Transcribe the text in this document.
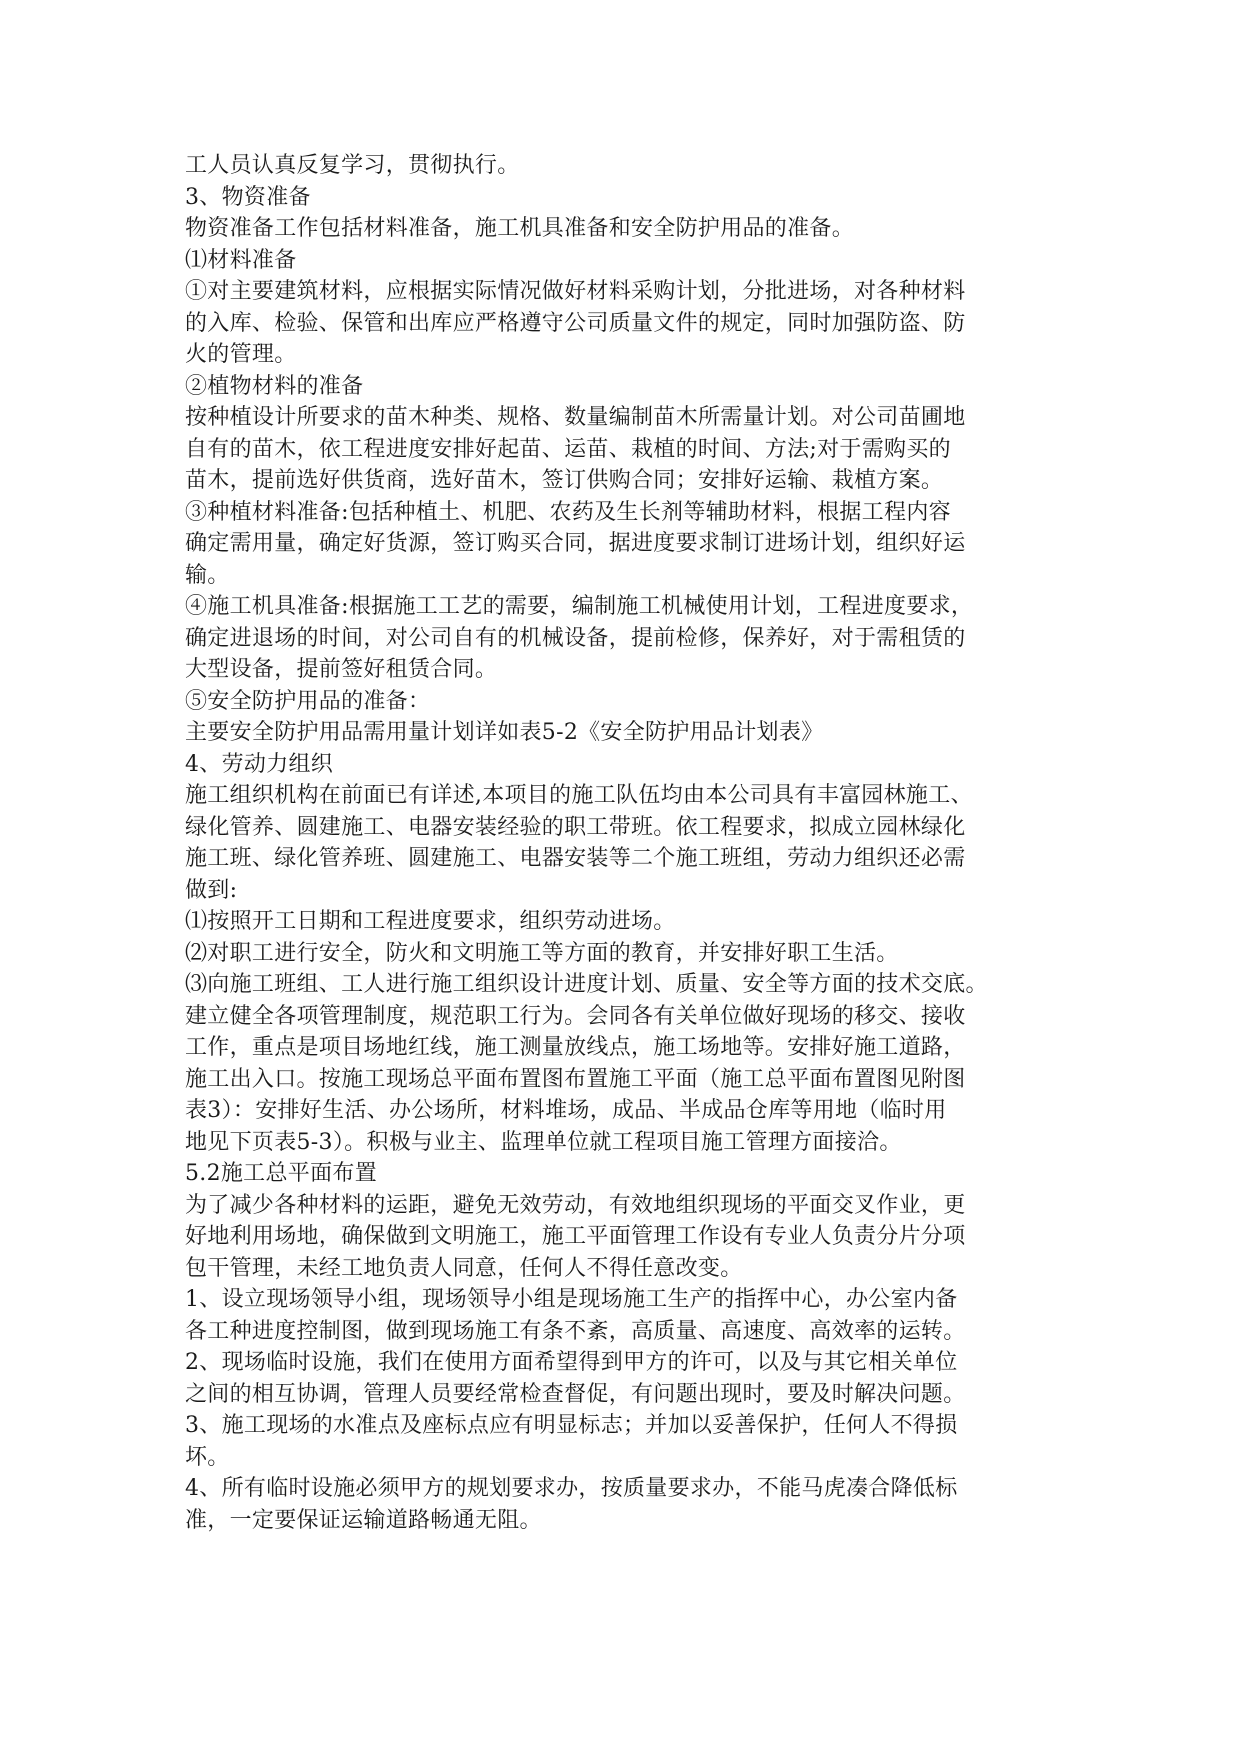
工人员认真反复学习，贯彻执行。
3、物资准备
物资准备工作包括材料准备，施工机具准备和安全防护用品的准备。
⑴材料准备
①对主要建筑材料，应根据实际情况做好材料采购计划，分批进场，对各种材料
的入库、检验、保管和出库应严格遵守公司质量文件的规定，同时加强防盗、防
火的管理。
②植物材料的准备
按种植设计所要求的苗木种类、规格、数量编制苗木所需量计划。对公司苗圃地
自有的苗木，依工程进度安排好起苗、运苗、栽植的时间、方法;对于需购买的
苗木，提前选好供货商，选好苗木，签订供购合同；安排好运输、栽植方案。
③种植材料准备:包括种植土、机肥、农药及生长剂等辅助材料，根据工程内容
确定需用量，确定好货源，签订购买合同，据进度要求制订进场计划，组织好运
输。
④施工机具准备:根据施工工艺的需要，编制施工机械使用计划，工程进度要求，
确定进退场的时间，对公司自有的机械设备，提前检修，保养好，对于需租赁的
大型设备，提前签好租赁合同。
⑤安全防护用品的准备：
主要安全防护用品需用量计划详如表5-2《安全防护用品计划表》
4、劳动力组织
施工组织机构在前面已有详述,本项目的施工队伍均由本公司具有丰富园林施工、
绿化管养、圆建施工、电器安装经验的职工带班。依工程要求，拟成立园林绿化
施工班、绿化管养班、圆建施工、电器安装等二个施工班组，劳动力组织还必需
做到:
⑴按照开工日期和工程进度要求，组织劳动进场。
⑵对职工进行安全，防火和文明施工等方面的教育，并安排好职工生活。
⑶向施工班组、工人进行施工组织设计进度计划、质量、安全等方面的技术交底。
建立健全各项管理制度，规范职工行为。会同各有关单位做好现场的移交、接收
工作，重点是项目场地红线，施工测量放线点，施工场地等。安排好施工道路，
施工出入口。按施工现场总平面布置图布置施工平面（施工总平面布置图见附图
表3）：安排好生活、办公场所，材料堆场，成品、半成品仓库等用地（临时用
地见下页表5-3）。积极与业主、监理单位就工程项目施工管理方面接洽。
5.2施工总平面布置
为了减少各种材料的运距，避免无效劳动，有效地组织现场的平面交叉作业，更
好地利用场地，确保做到文明施工，施工平面管理工作设有专业人负责分片分项
包干管理，未经工地负责人同意，任何人不得任意改变。
1、设立现场领导小组，现场领导小组是现场施工生产的指挥中心，办公室内备
各工种进度控制图，做到现场施工有条不紊，高质量、高速度、高效率的运转。
2、现场临时设施，我们在使用方面希望得到甲方的许可，以及与其它相关单位
之间的相互协调，管理人员要经常检查督促，有问题出现时，要及时解决问题。
3、施工现场的水准点及座标点应有明显标志；并加以妥善保护，任何人不得损
坏。
4、所有临时设施必须甲方的规划要求办，按质量要求办，不能马虎凑合降低标
准，一定要保证运输道路畅通无阻。
